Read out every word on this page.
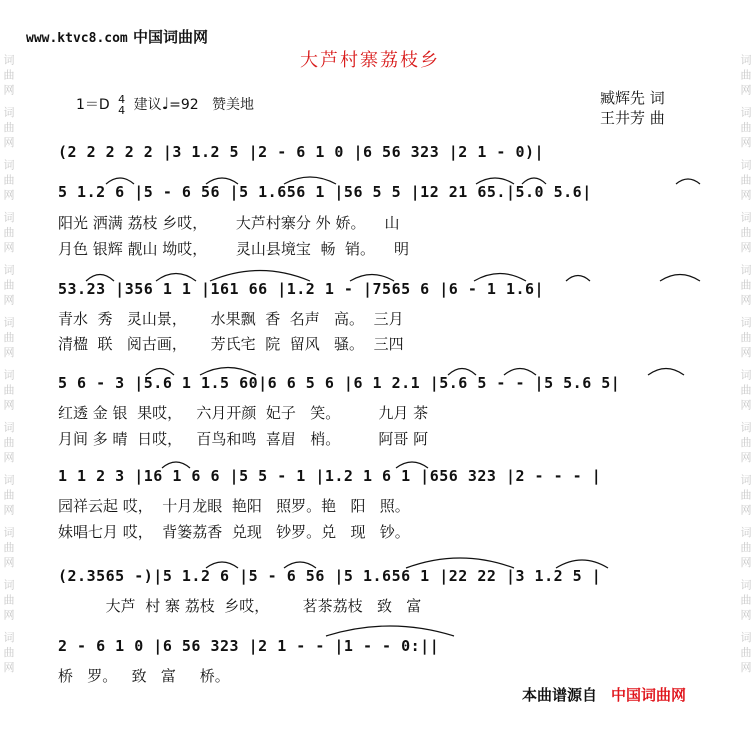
词曲网 词曲网 词曲网 词曲网 词曲网 词曲网 词曲网 词曲网 词曲网 词曲网 词曲网 词曲网	词曲网 词曲网 词曲网 词曲网 词曲网 词曲网 词曲网 词曲网 词曲网 词曲网 词曲网 词曲网
www.ktvc8.com 中国词曲网
大芦村寨荔枝乡
1＝D 4
4 建议♩=92 赞美地	臧辉先 词
王井芳 曲
(2 2 2 2 2 |3 1.2 5 |2 - 6 1 0 |6 56 323 |2 1 - 0)|
5 1.2 6 |5 - 6 56 |5 1.656 1 |56 5 5 |12 21 65.|5.0 5.6|
阳光 洒满 荔枝 乡哎，      大芦村寨分 外 娇。    山
月色 银辉 靓山 坳哎，      灵山县境宝  畅  销。    明
53.23 |356 1 1 |161 66 |1.2 1 - |7565 6 |6 - 1 1.6|
青水  秀   灵山景，     水果飘  香  名声   高。  三月
清楹  联   阅古画，     芳氏宅  院  留风   骚。  三四
5 6 - 3 |5.6 1 1.5 60|6 6 5 6 |6 1 2.1 |5.6 5 - - |5 5.6 5|
红透 金 银  果哎，   六月开颜  妃子   笑。        九月 茶
月间 多 晴  日哎，   百鸟和鸣  喜眉   梢。        阿哥 阿
1 1 2 3 |16 1 6 6 |5 5 - 1 |1.2 1 6 1 |656 323 |2 - - - |
园祥云起 哎，  十月龙眼  艳阳   照罗。艳   阳   照。
妹唱七月 哎，  背篓荔香  兑现   钞罗。兑   现   钞。
(2.3565 -)|5 1.2 6 |5 - 6 56 |5 1.656 1 |22 22 |3 1.2 5 |
大芦  村 寨 荔枝  乡哎，       茗茶荔枝   致   富
2 - 6 1 0 |6 56 323 |2 1 - - |1 - - 0:||
桥   罗。   致   富     桥。
本曲谱源自 中国词曲网
